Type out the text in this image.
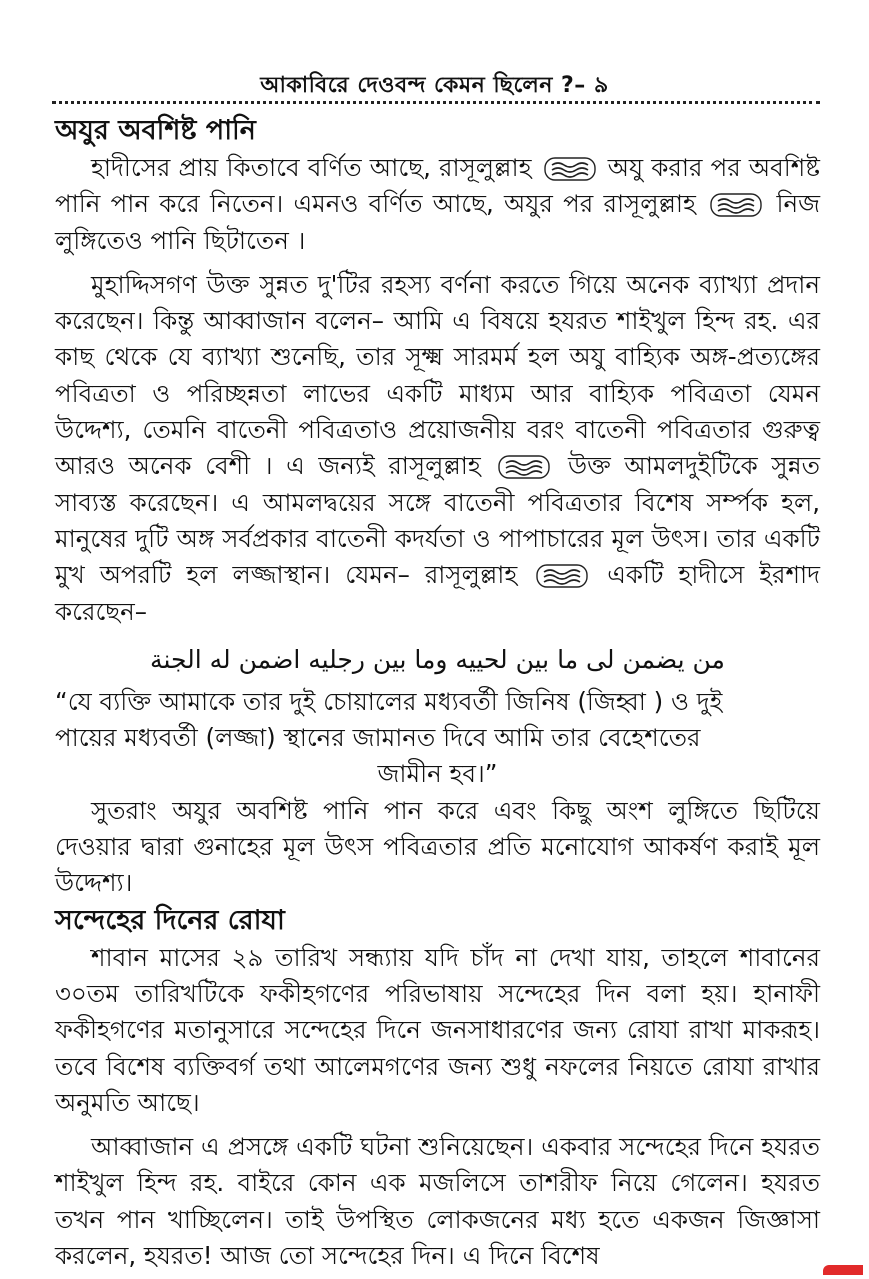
আকাবিরে দেওবন্দ কেমন ছিলেন ?– ৯
অযুর অবশিষ্ট পানি

হাদীসের প্রায় কিতাবে বর্ণিত আছে, রাসূলুল্লাহ	অযু করার পর অবশিষ্ট পানি পান করে নিতেন। এমনও বর্ণিত আছে, অযুর পর রাসূলুল্লাহ	নিজ লুঙ্গিতেও পানি ছিটাতেন ।

মুহাদ্দিসগণ উক্ত সুন্নত দু'টির রহস্য বর্ণনা করতে গিয়ে অনেক ব্যাখ্যা প্রদান করেছেন। কিন্তু আব্বাজান বলেন– আমি এ বিষয়ে হযরত শাইখুল হিন্দ রহ. এর কাছ থেকে যে ব্যাখ্যা শুনেছি, তার সূক্ষ্ম সারমর্ম হল অযু বাহ্যিক অঙ্গ-প্রত্যঙ্গের পবিত্রতা ও পরিচ্ছন্নতা লাভের একটি মাধ্যম আর বাহ্যিক পবিত্রতা যেমন উদ্দেশ্য, তেমনি বাতেনী পবিত্রতাও প্রয়োজনীয় বরং বাতেনী পবিত্রতার গুরুত্ব আরও অনেক বেশী । এ জন্যই রাসূলুল্লাহ	উক্ত আমলদুইটিকে সুন্নত সাব্যস্ত করেছেন। এ আমলদ্বয়ের সঙ্গে বাতেনী পবিত্রতার বিশেষ সর্ম্পক হল, মানুষের দুটি অঙ্গ সর্বপ্রকার বাতেনী কদর্যতা ও পাপাচারের মূল উৎস। তার একটি মুখ অপরটি হল লজ্জাস্থান। যেমন– রাসূলুল্লাহ	একটি হাদীসে ইরশাদ করেছেন–

من يضمن لى ما بين لحييه وما بين رجليه اضمن له الجنة

“যে ব্যক্তি আমাকে তার দুই চোয়ালের মধ্যবর্তী জিনিষ (জিহ্বা ) ও দুই

পায়ের মধ্যবর্তী (লজ্জা) স্থানের জামানত দিবে আমি তার বেহেশতের

জামীন হব।”

সুতরাং অযুর অবশিষ্ট পানি পান করে এবং কিছু অংশ লুঙ্গিতে ছিটিয়ে দেওয়ার দ্বারা গুনাহের মূল উৎস পবিত্রতার প্রতি মনোযোগ আকর্ষণ করাই মূল উদ্দেশ্য।

সন্দেহের দিনের রোযা

শাবান মাসের ২৯ তারিখ সন্ধ্যায় যদি চাঁদ না দেখা যায়, তাহলে শাবানের ৩০তম তারিখটিকে ফকীহগণের পরিভাষায় সন্দেহের দিন বলা হয়। হানাফী ফকীহগণের মতানুসারে সন্দেহের দিনে জনসাধারণের জন্য রোযা রাখা মাকরূহ। তবে বিশেষ ব্যক্তিবর্গ তথা আলেমগণের জন্য শুধু নফলের নিয়তে রোযা রাখার অনুমতি আছে।

আব্বাজান এ প্রসঙ্গে একটি ঘটনা শুনিয়েছেন। একবার সন্দেহের দিনে হযরত শাইখুল হিন্দ রহ. বাইরে কোন এক মজলিসে তাশরীফ নিয়ে গেলেন। হযরত তখন পান খাচ্ছিলেন। তাই উপস্থিত লোকজনের মধ্য হতে একজন জিজ্ঞাসা করলেন, হযরত! আজ তো সন্দেহের দিন। এ দিনে বিশেষ
